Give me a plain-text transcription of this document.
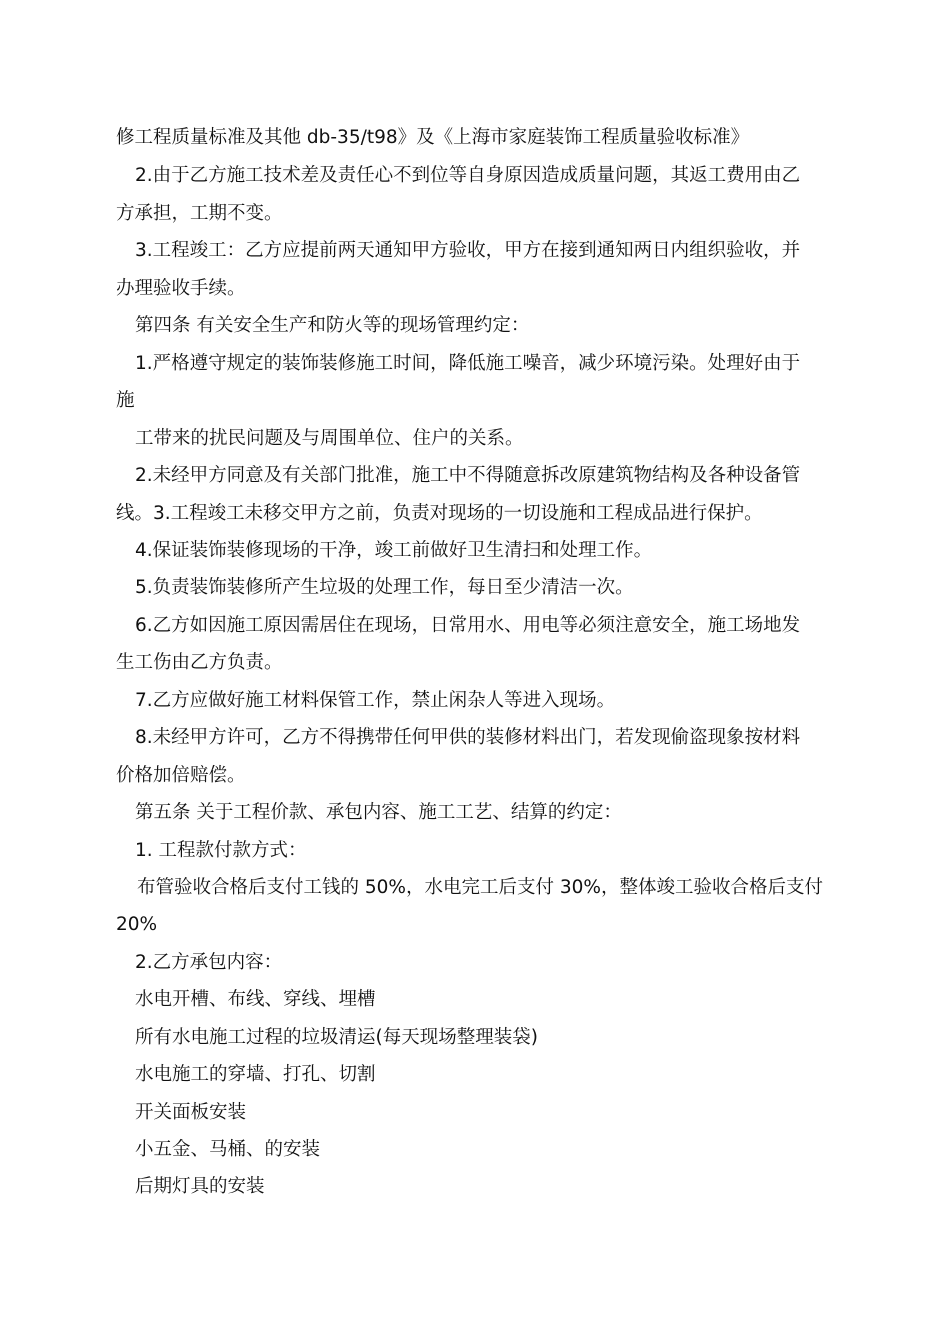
修工程质量标准及其他 db-35/t98》及《上海市家庭装饰工程质量验收标准》
2.由于乙方施工技术差及责任心不到位等自身原因造成质量问题，其返工费用由乙
方承担，工期不变。
3.工程竣工：乙方应提前两天通知甲方验收，甲方在接到通知两日内组织验收，并
办理验收手续。
第四条 有关安全生产和防火等的现场管理约定：
1.严格遵守规定的装饰装修施工时间，降低施工噪音，减少环境污染。处理好由于
施
工带来的扰民问题及与周围单位、住户的关系。
2.未经甲方同意及有关部门批准，施工中不得随意拆改原建筑物结构及各种设备管
线。3.工程竣工未移交甲方之前，负责对现场的一切设施和工程成品进行保护。
4.保证装饰装修现场的干净，竣工前做好卫生清扫和处理工作。
5.负责装饰装修所产生垃圾的处理工作，每日至少清洁一次。
6.乙方如因施工原因需居住在现场，日常用水、用电等必须注意安全，施工场地发
生工伤由乙方负责。
7.乙方应做好施工材料保管工作，禁止闲杂人等进入现场。
8.未经甲方许可，乙方不得携带任何甲供的装修材料出门，若发现偷盗现象按材料
价格加倍赔偿。
第五条 关于工程价款、承包内容、施工工艺、结算的约定：
1. 工程款付款方式：
布管验收合格后支付工钱的 50%，水电完工后支付 30%，整体竣工验收合格后支付
20%
2.乙方承包内容：
水电开槽、布线、穿线、埋槽
所有水电施工过程的垃圾清运(每天现场整理装袋)
水电施工的穿墙、打孔、切割
开关面板安装
小五金、马桶、的安装
后期灯具的安装
